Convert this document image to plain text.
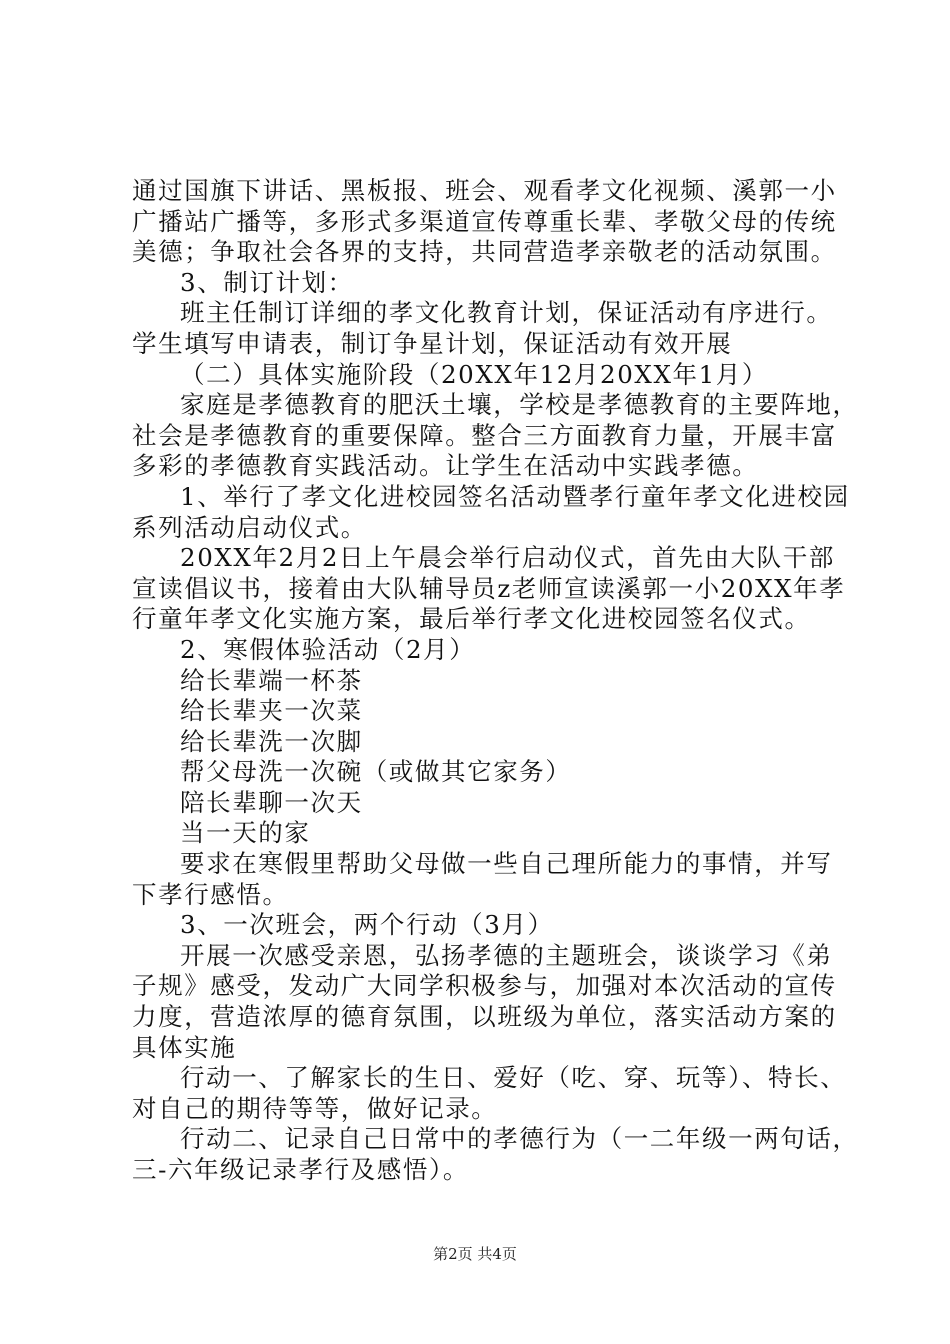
通过国旗下讲话、黑板报、班会、观看孝文化视频、溪郭一小
广播站广播等，多形式多渠道宣传尊重长辈、孝敬父母的传统
美德；争取社会各界的支持，共同营造孝亲敬老的活动氛围。
3、制订计划：
班主任制订详细的孝文化教育计划，保证活动有序进行。
学生填写申请表，制订争星计划，保证活动有效开展
（二）具体实施阶段（20XX年12月20XX年1月）
家庭是孝德教育的肥沃土壤，学校是孝德教育的主要阵地，
社会是孝德教育的重要保障。整合三方面教育力量，开展丰富
多彩的孝德教育实践活动。让学生在活动中实践孝德。
1、举行了孝文化进校园签名活动暨孝行童年孝文化进校园
系列活动启动仪式。
20XX年2月2日上午晨会举行启动仪式，首先由大队干部
宣读倡议书，接着由大队辅导员z老师宣读溪郭一小20XX年孝
行童年孝文化实施方案，最后举行孝文化进校园签名仪式。
2、寒假体验活动（2月）
给长辈端一杯茶
给长辈夹一次菜
给长辈洗一次脚
帮父母洗一次碗（或做其它家务）
陪长辈聊一次天
当一天的家
要求在寒假里帮助父母做一些自己理所能力的事情，并写
下孝行感悟。
3、一次班会，两个行动（3月）
开展一次感受亲恩，弘扬孝德的主题班会，谈谈学习《弟
子规》感受，发动广大同学积极参与，加强对本次活动的宣传
力度，营造浓厚的德育氛围，以班级为单位，落实活动方案的
具体实施
行动一、了解家长的生日、爱好（吃、穿、玩等）、特长、
对自己的期待等等，做好记录。
行动二、记录自己日常中的孝德行为（一二年级一两句话，
三-六年级记录孝行及感悟）。
第2页 共4页
